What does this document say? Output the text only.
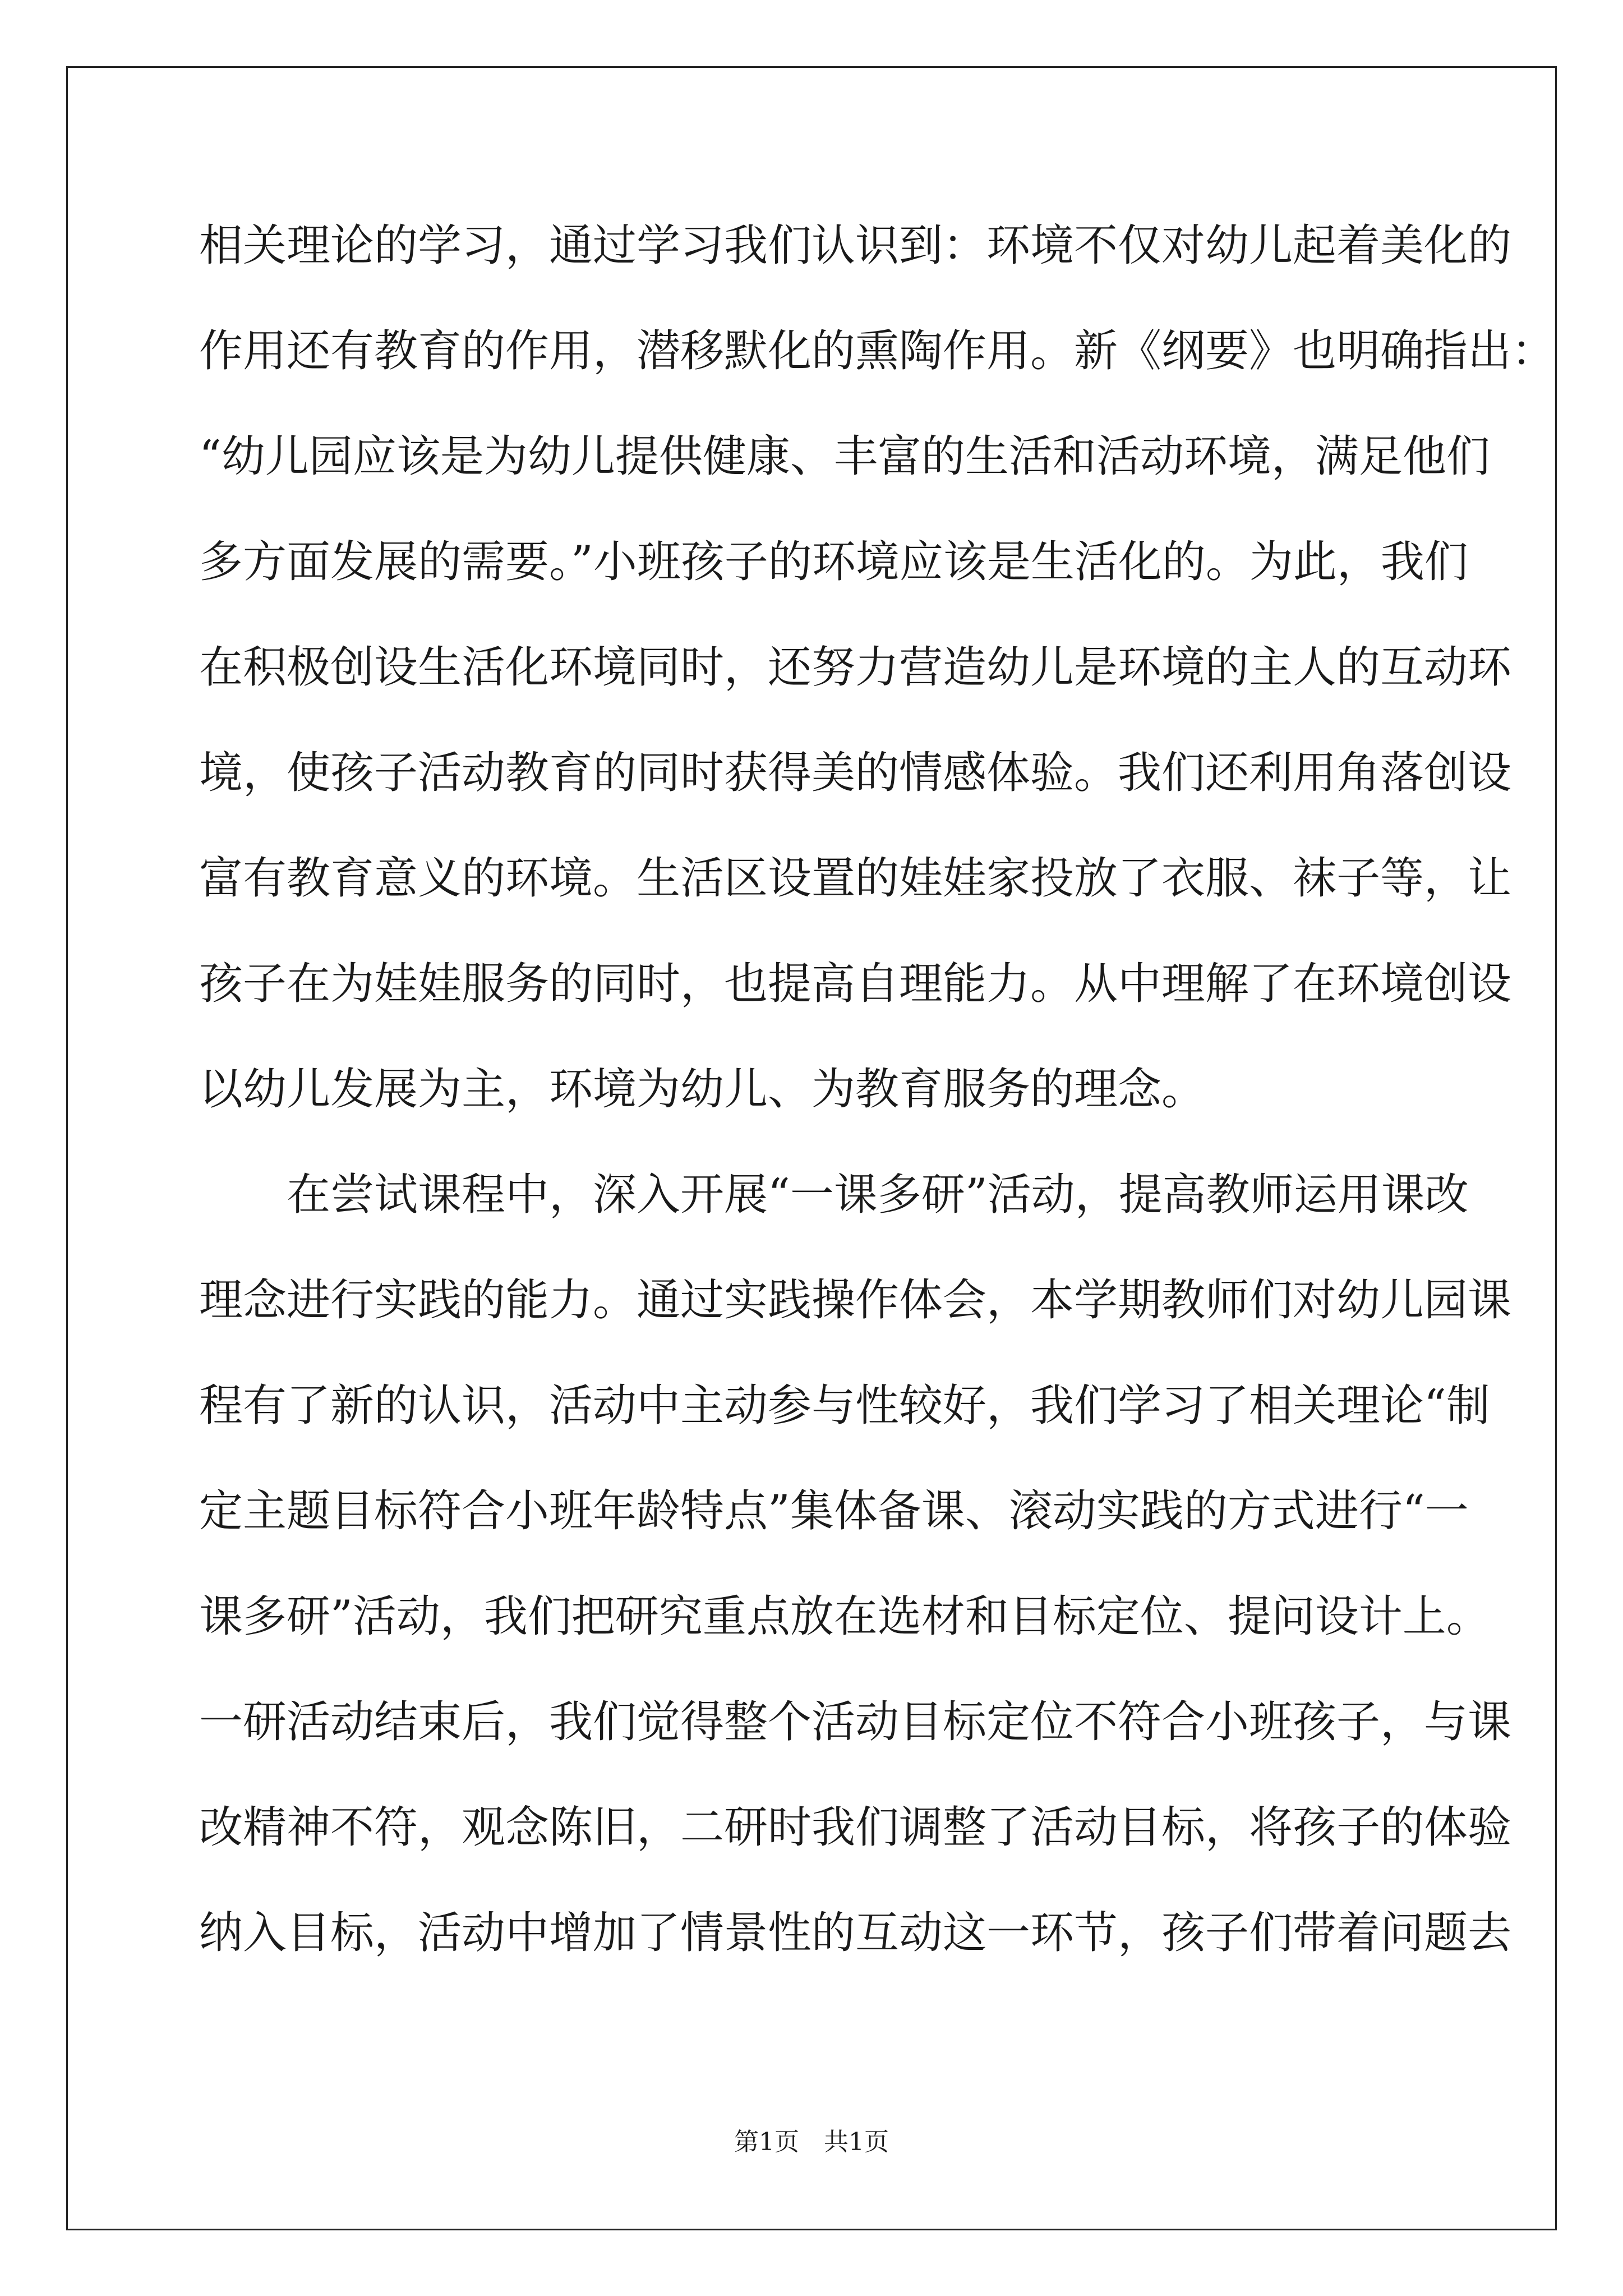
相关理论的学习，通过学习我们认识到：环境不仅对幼儿起着美化的
作用还有教育的作用，潜移默化的熏陶作用。新《纲要》也明确指出：
“幼儿园应该是为幼儿提供健康、丰富的生活和活动环境，满足他们
多方面发展的需要。”小班孩子的环境应该是生活化的。为此，我们
在积极创设生活化环境同时，还努力营造幼儿是环境的主人的互动环
境，使孩子活动教育的同时获得美的情感体验。我们还利用角落创设
富有教育意义的环境。生活区设置的娃娃家投放了衣服、袜子等，让
孩子在为娃娃服务的同时，也提高自理能力。从中理解了在环境创设
以幼儿发展为主，环境为幼儿、为教育服务的理念。
　　在尝试课程中，深入开展“一课多研”活动，提高教师运用课改
理念进行实践的能力。通过实践操作体会，本学期教师们对幼儿园课
程有了新的认识，活动中主动参与性较好，我们学习了相关理论“制
定主题目标符合小班年龄特点”集体备课、滚动实践的方式进行“一
课多研”活动，我们把研究重点放在选材和目标定位、提问设计上。
一研活动结束后，我们觉得整个活动目标定位不符合小班孩子，与课
改精神不符，观念陈旧，二研时我们调整了活动目标，将孩子的体验
纳入目标，活动中增加了情景性的互动这一环节，孩子们带着问题去
第1页　共1页
